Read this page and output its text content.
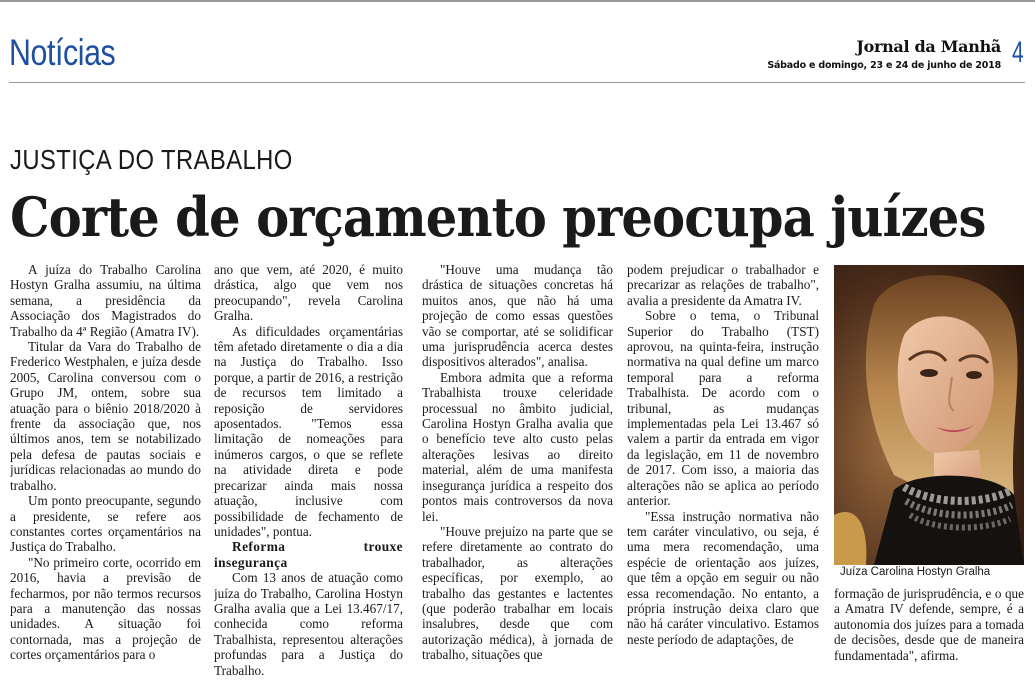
Notícias	Jornal da Manhã
Sábado e domingo, 23 e 24 de junho de 2018 4
JUSTIÇA DO TRABALHO
Corte de orçamento preocupa juízes

A juíza do Trabalho Carolina Hostyn Gralha assumiu, na última semana, a presidência da Associação dos Magistrados do Trabalho da 4ª Região (Amatra IV).

Titular da Vara do Trabalho de Frederico Westphalen, e juíza desde 2005, Carolina conversou com o Grupo JM, ontem, sobre sua atuação para o biênio 2018/2020 à frente da associação que, nos últimos anos, tem se notabilizado pela defesa de pautas sociais e jurídicas relacionadas ao mundo do trabalho.

Um ponto preocupante, segundo a presidente, se refere aos constantes cortes orçamentários na Justiça do Trabalho.

"No primeiro corte, ocorrido em 2016, havia a previsão de fecharmos, por não termos recursos para a manutenção das nossas unidades. A situação foi contornada, mas a projeção de cortes orçamentários para o

ano que vem, até 2020, é muito drástica, algo que vem nos preocupando", revela Carolina Gralha.

As dificuldades orçamentárias têm afetado diretamente o dia a dia na Justiça do Trabalho. Isso porque, a partir de 2016, a restrição de recursos tem limitado a reposição de servidores aposentados. "Temos essa limitação de nomeações para inúmeros cargos, o que se reflete na atividade direta e pode precarizar ainda mais nossa atuação, inclusive com possibilidade de fechamento de unidades", pontua.

Reforma trouxe insegurança

Com 13 anos de atuação como juíza do Trabalho, Carolina Hostyn Gralha avalia que a Lei 13.467/17, conhecida como reforma Trabalhista, representou alterações profundas para a Justiça do Trabalho.

"Houve uma mudança tão drástica de situações concretas há muitos anos, que não há uma projeção de como essas questões vão se comportar, até se solidificar uma jurisprudência acerca destes dispositivos alterados", analisa.

Embora admita que a reforma Trabalhista trouxe celeridade processual no âmbito judicial, Carolina Hostyn Gralha avalia que o benefício teve alto custo pelas alterações lesivas ao direito material, além de uma manifesta insegurança jurídica a respeito dos pontos mais controversos da nova lei.

"Houve prejuízo na parte que se refere diretamente ao contrato do trabalhador, as alterações específicas, por exemplo, ao trabalho das gestantes e lactentes (que poderão trabalhar em locais insalubres, desde que com autorização médica), à jornada de trabalho, situações que

podem prejudicar o trabalhador e precarizar as relações de trabalho", avalia a presidente da Amatra IV.

Sobre o tema, o Tribunal Superior do Trabalho (TST) aprovou, na quinta-feira, instrução normativa na qual define um marco temporal para a reforma Trabalhista. De acordo com o tribunal, as mudanças implementadas pela Lei 13.467 só valem a partir da entrada em vigor da legislação, em 11 de novembro de 2017. Com isso, a maioria das alterações não se aplica ao período anterior.

"Essa instrução normativa não tem caráter vinculativo, ou seja, é uma mera recomendação, uma espécie de orientação aos juízes, que têm a opção em seguir ou não essa recomendação. No entanto, a própria instrução deixa claro que não há caráter vinculativo. Estamos neste período de adaptações, de

Juíza Carolina Hostyn Gralha

formação de jurisprudência, e o que a Amatra IV defende, sempre, é a autonomia dos juízes para a tomada de decisões, desde que de maneira fundamentada", afirma.
